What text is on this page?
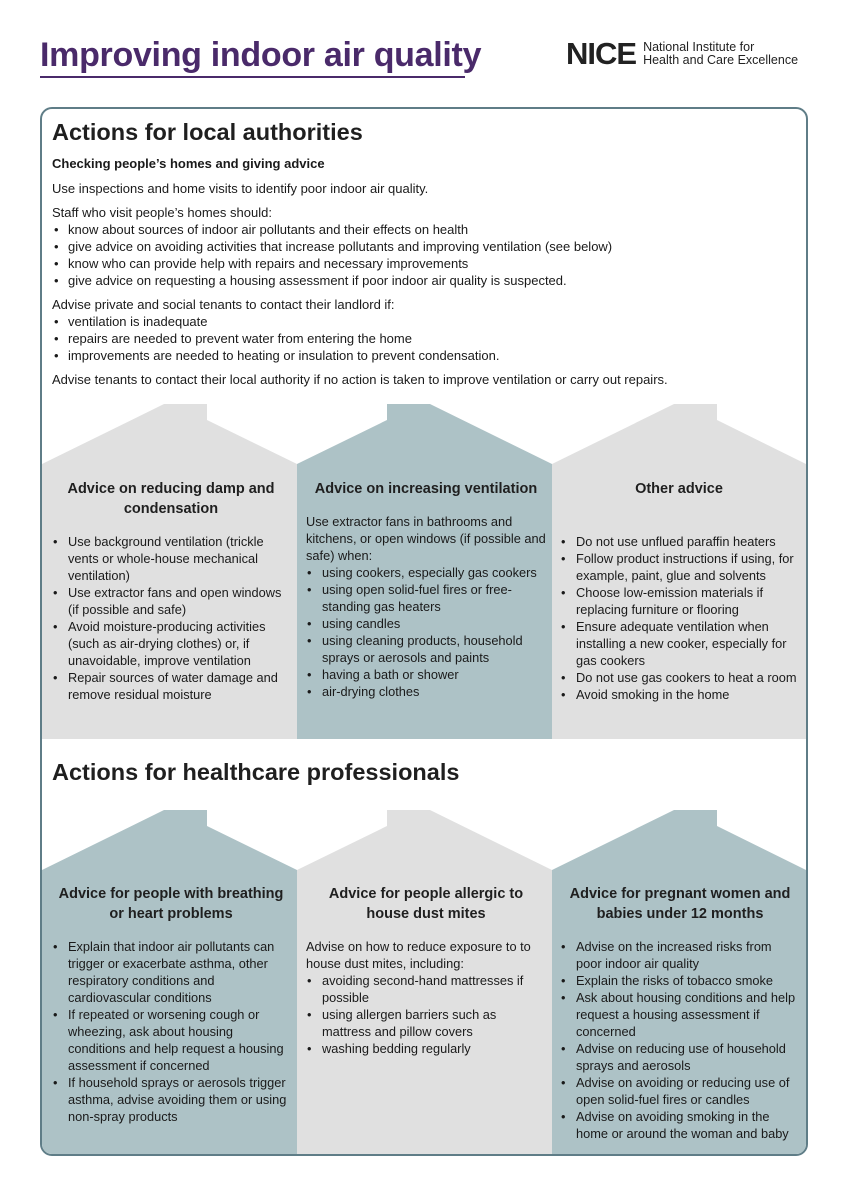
Improving indoor air quality	NICE National Institute for
Health and Care Excellence
Actions for local authorities

Checking people’s homes and giving advice

Use inspections and home visits to identify poor indoor air quality.

Staff who visit people’s homes should:

• know about sources of indoor air pollutants and their effects on health
• give advice on avoiding activities that increase pollutants and improving ventilation (see below)
• know who can provide help with repairs and necessary improvements
• give advice on requesting a housing assessment if poor indoor air quality is suspected.

Advise private and social tenants to contact their landlord if:

• ventilation is inadequate
• repairs are needed to prevent water from entering the home
• improvements are needed to heating or insulation to prevent condensation.

Advise tenants to contact their local authority if no action is taken to improve ventilation or carry out repairs.

Advice on reducing damp and condensation
• Use background ventilation (trickle vents or whole-house mechanical ventilation)
• Use extractor fans and open windows (if possible and safe)
• Avoid moisture-producing activities (such as air-drying clothes) or, if unavoidable, improve ventilation
• Repair sources of water damage and remove residual moisture
Advice on increasing ventilation

Use extractor fans in bathrooms and kitchens, or open windows (if possible and safe) when:

• using cookers, especially gas cookers
• using open solid-fuel fires or free-standing gas heaters
• using candles
• using cleaning products, household sprays or aerosols and paints
• having a bath or shower
• air-drying clothes
Other advice
• Do not use unflued paraffin heaters
• Follow product instructions if using, for example, paint, glue and solvents
• Choose low-emission materials if replacing furniture or flooring
• Ensure adequate ventilation when installing a new cooker, especially for gas cookers
• Do not use gas cookers to heat a room
• Avoid smoking in the home
Actions for healthcare professionals
Advice for people with breathing or heart problems
• Explain that indoor air pollutants can trigger or exacerbate asthma, other respiratory conditions and cardiovascular conditions
• If repeated or worsening cough or wheezing, ask about housing conditions and help request a housing assessment if concerned
• If household sprays or aerosols trigger asthma, advise avoiding them or using non-spray products
Advice for people allergic to house dust mites

Advise on how to reduce exposure to to house dust mites, including:

• avoiding second-hand mattresses if possible
• using allergen barriers such as mattress and pillow covers
• washing bedding regularly
Advice for pregnant women and babies under 12 months
• Advise on the increased risks from poor indoor air quality
• Explain the risks of tobacco smoke
• Ask about housing conditions and help request a housing assessment if concerned
• Advise on reducing use of household sprays and aerosols
• Advise on avoiding or reducing use of open solid-fuel fires or candles
• Advise on avoiding smoking in the home or around the woman and baby
